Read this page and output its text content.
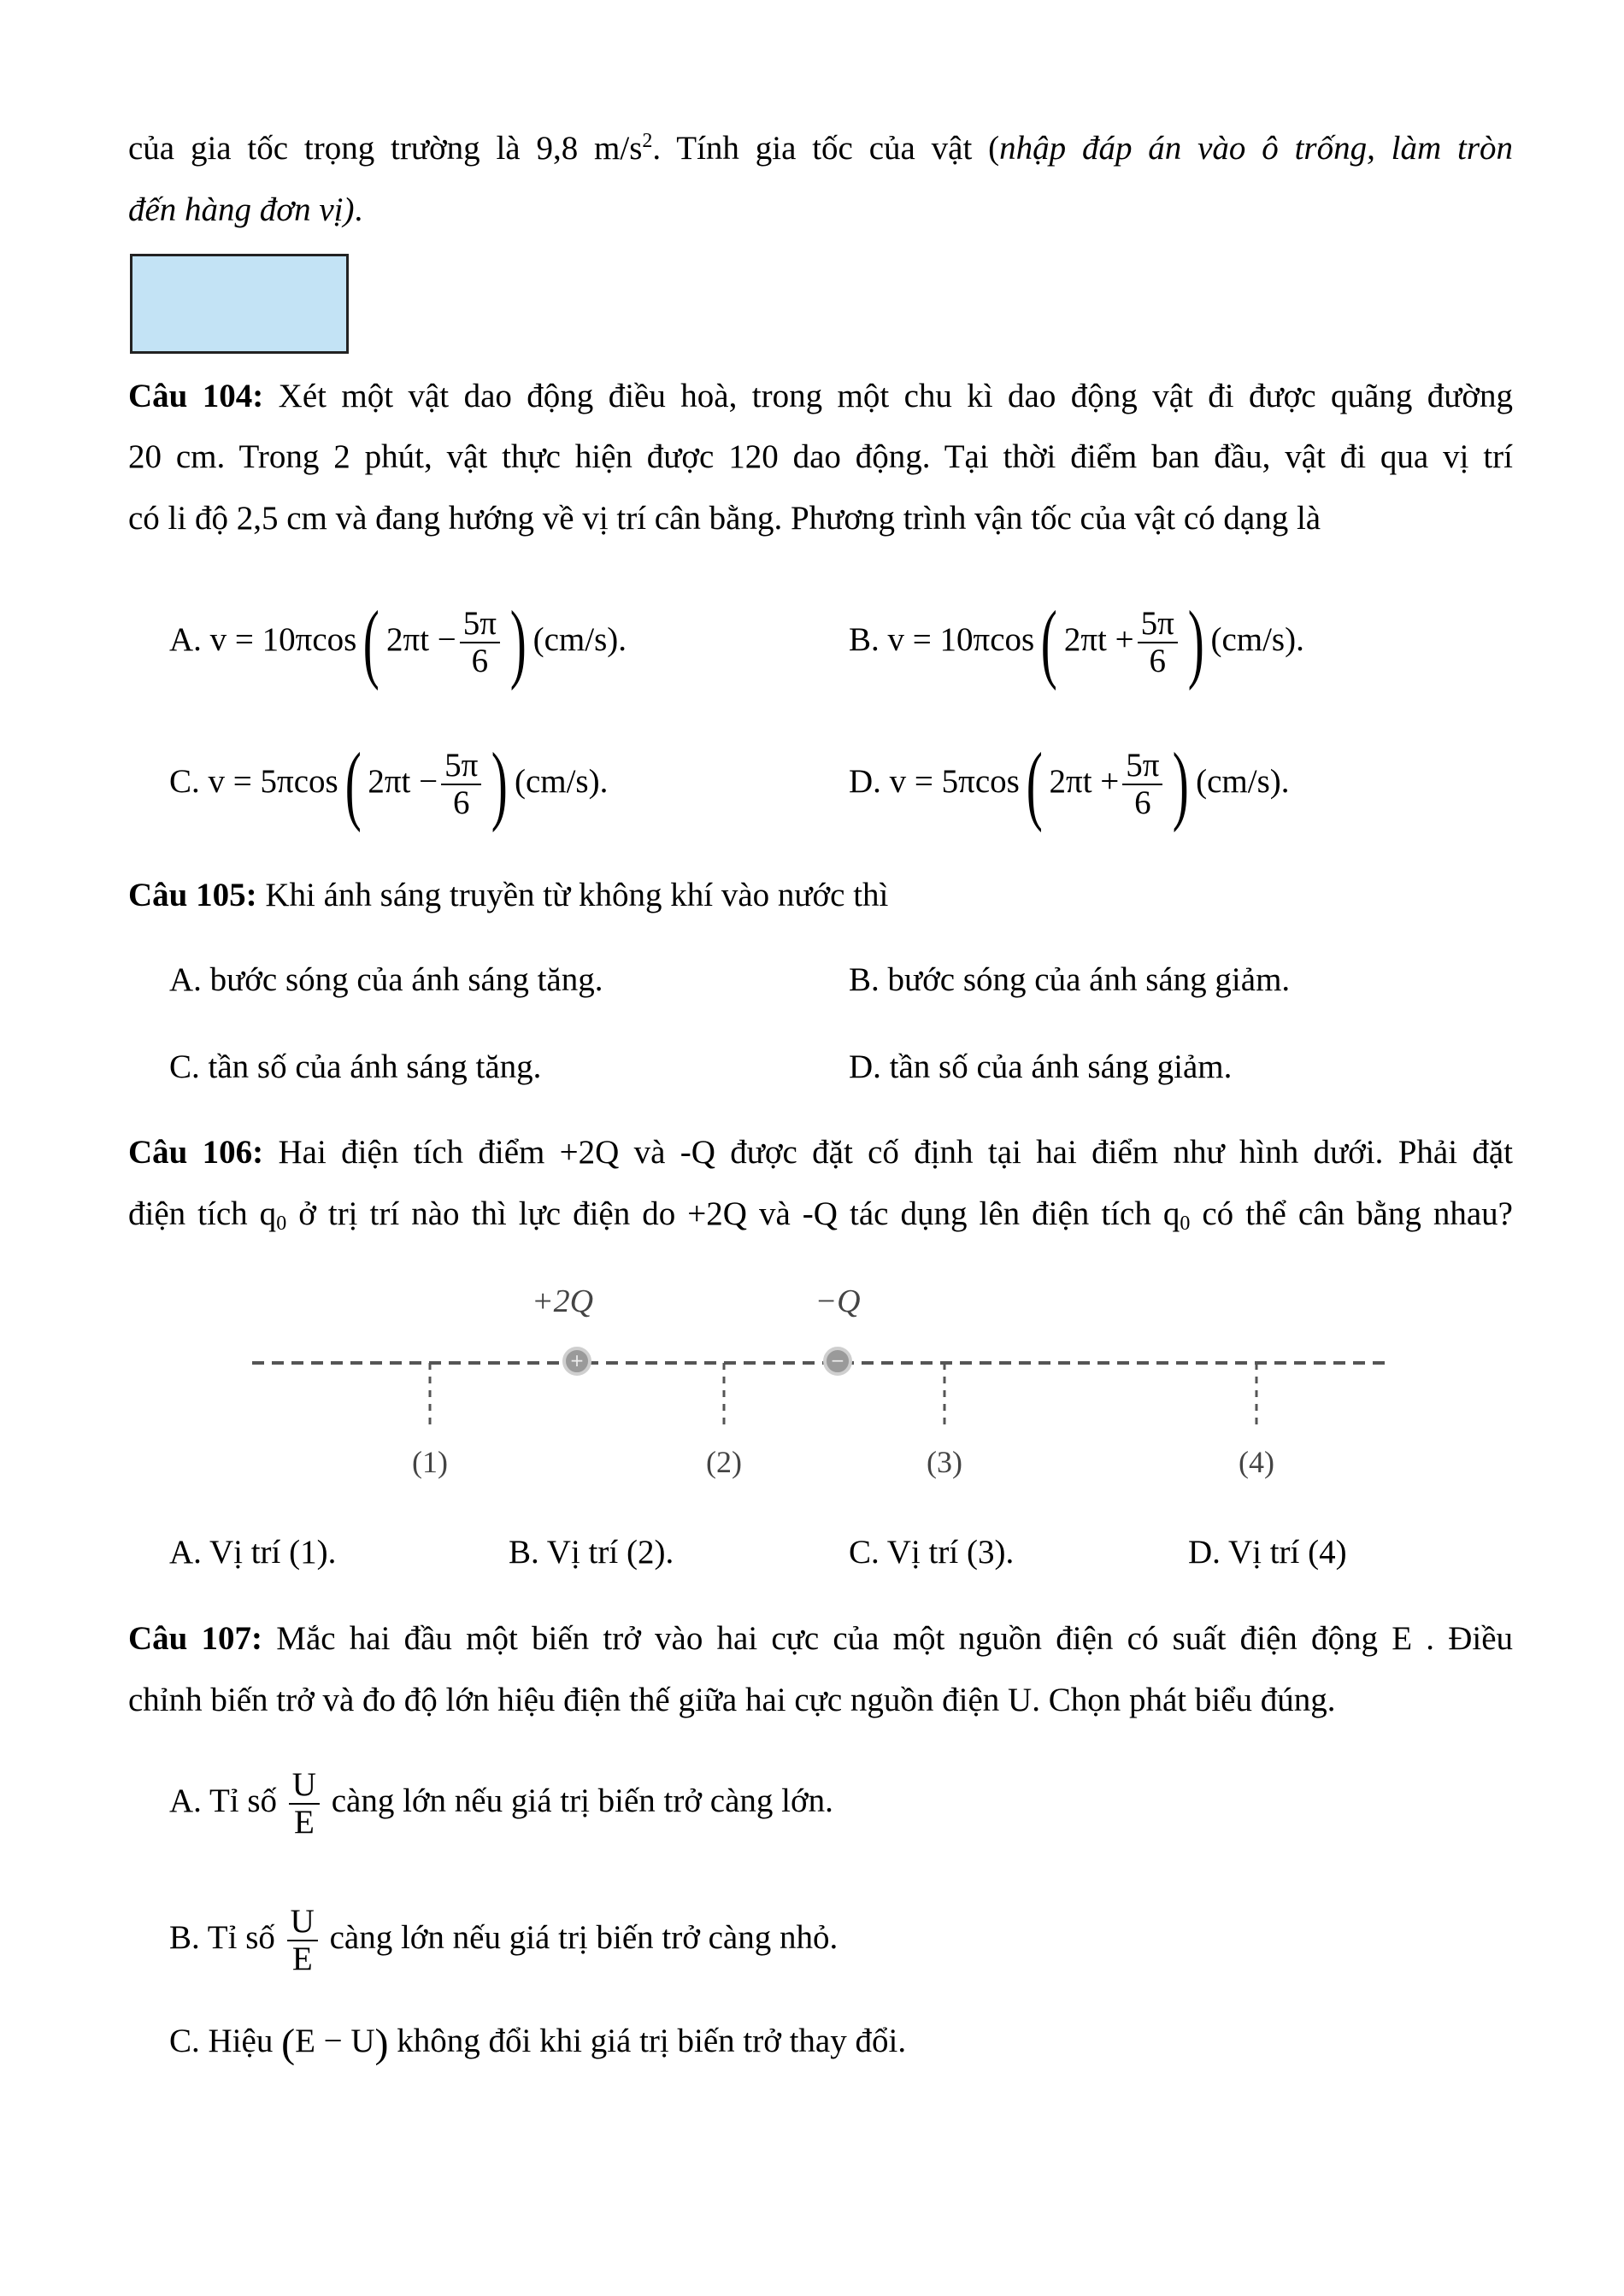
của gia tốc trọng trường là 9,8 $m/s^2$. Tính gia tốc của vật (nhập đáp án vào ô trống, làm tròn
đến hàng đơn vị).
Câu 104: Xét một vật dao động điều hoà, trong một chu kì dao động vật đi được quãng đường
20 cm. Trong 2 phút, vật thực hiện được 120 dao động. Tại thời điểm ban đầu, vật đi qua vị trí
có li độ 2,5 cm và đang hướng về vị trí cân bằng. Phương trình vận tốc của vật có dạng là
A. v = 10πcos( $2\pi t - \frac{5\pi}{6}$ ) (cm/s).	B. v = 10πcos( $2\pi t + \frac{5\pi}{6}$ ) (cm/s).
C. v = 5πcos( $2\pi t - \frac{5\pi}{6}$ ) (cm/s).	D. v = 5πcos( $2\pi t + \frac{5\pi}{6}$ ) (cm/s).
Câu 105: Khi ánh sáng truyền từ không khí vào nước thì
A. bước sóng của ánh sáng tăng.	B. bước sóng của ánh sáng giảm.
C. tần số của ánh sáng tăng.	D. tần số của ánh sáng giảm.
Câu 106: Hai điện tích điểm +2Q và -Q được đặt cố định tại hai điểm như hình dưới. Phải đặt
điện tích $q_0$ ở trị trí nào thì lực điện do +2Q và -Q tác dụng lên điện tích $q_0$ có thể cân bằng nhau?
+	−
+2Q	−Q
(1)	(2)	(3)	(4)
A. Vị trí (1).	B. Vị trí (2).	C. Vị trí (3).	D. Vị trí (4)
Câu 107: Mắc hai đầu một biến trở vào hai cực của một nguồn điện có suất điện động E . Điều
chỉnh biến trở và đo độ lớn hiệu điện thế giữa hai cực nguồn điện U. Chọn phát biểu đúng.
A. Tỉ số $\frac{U}{E}$ càng lớn nếu giá trị biến trở càng lớn.
B. Tỉ số $\frac{U}{E}$ càng lớn nếu giá trị biến trở càng nhỏ.
C. Hiệu (E − U) không đổi khi giá trị biến trở thay đổi.
